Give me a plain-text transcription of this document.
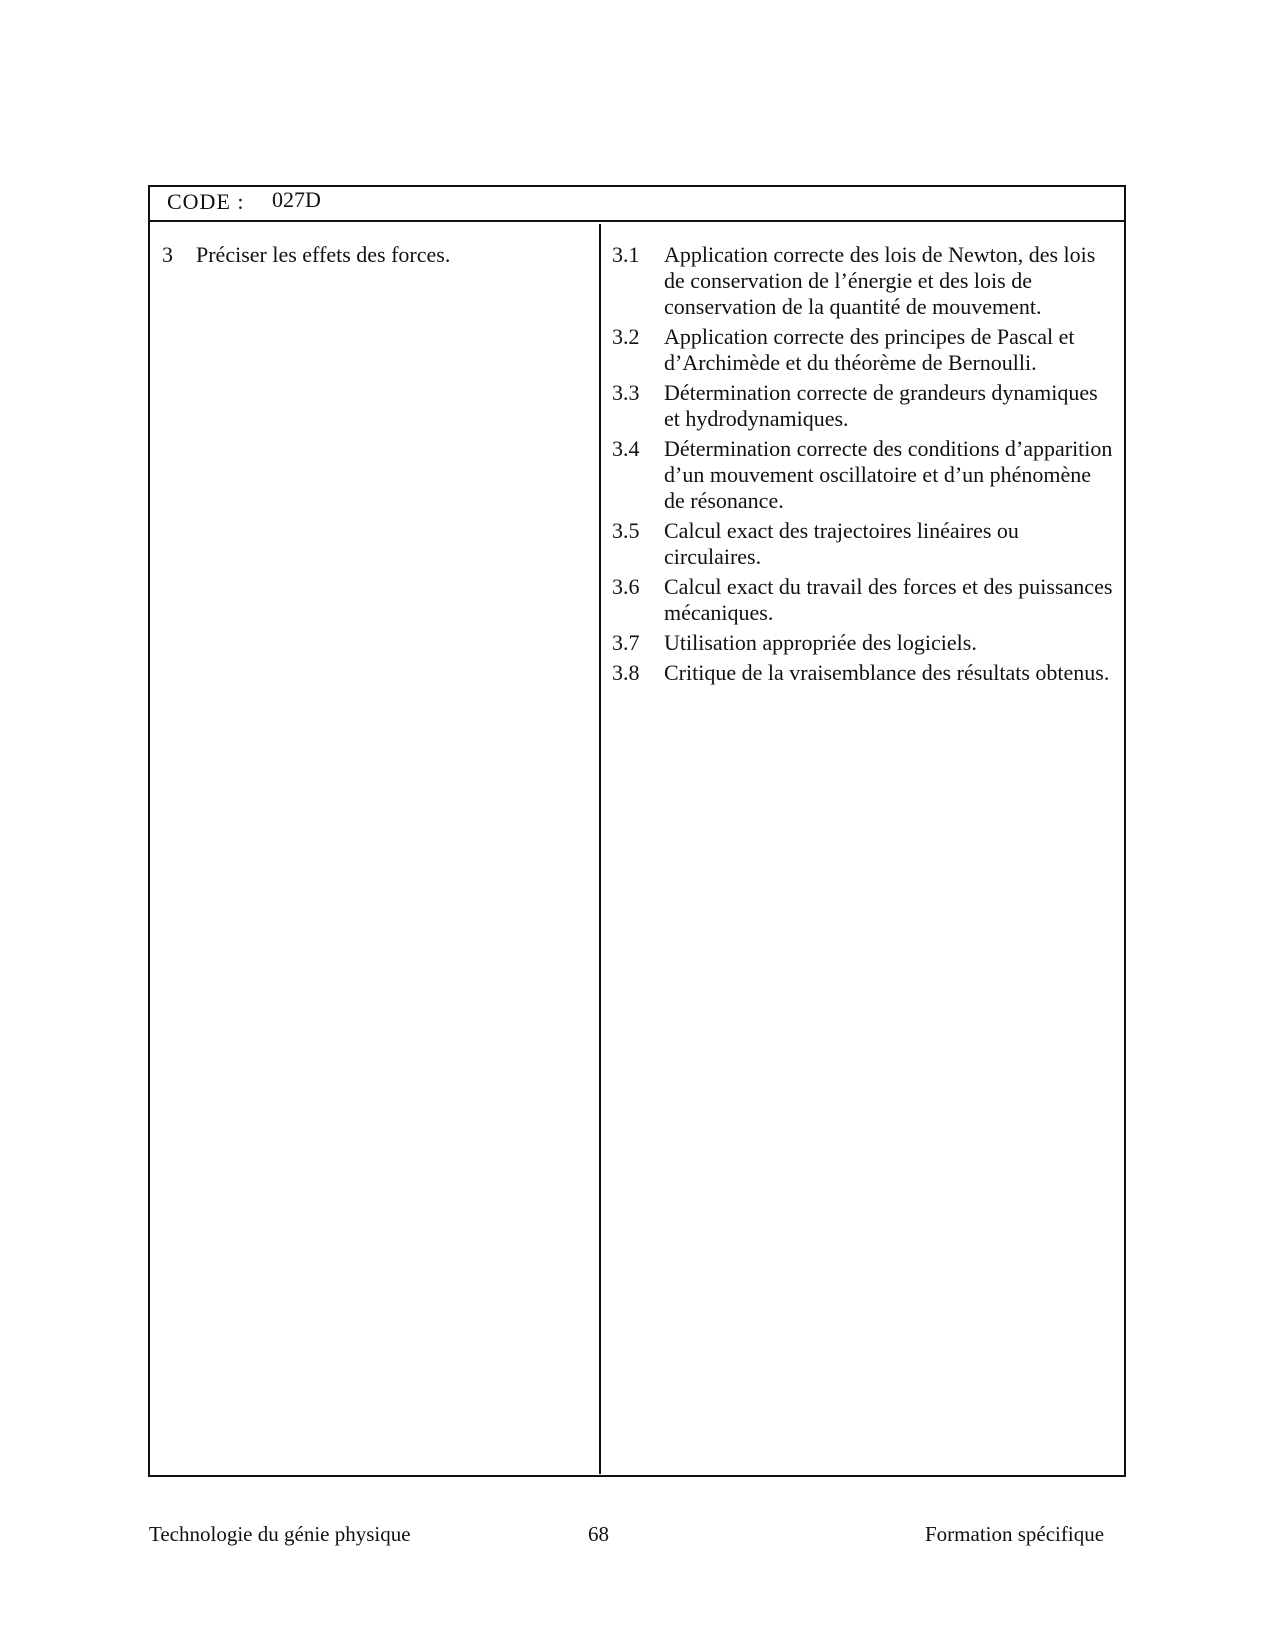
CODE : 027D
3 Préciser les effets des forces.	3.1	Application correcte des lois de Newton, des lois de conservation de l’énergie et des lois de conservation de la quantité de mouvement.
3.2	Application correcte des principes de Pascal et d’Archimède et du théorème de Bernoulli.
3.3	Détermination correcte de grandeurs dynamiques et hydrodynamiques.
3.4	Détermination correcte des conditions d’apparition d’un mouvement oscillatoire et d’un phénomène de résonance.
3.5	Calcul exact des trajectoires linéaires ou circulaires.
3.6	Calcul exact du travail des forces et des puissances mécaniques.
3.7	Utilisation appropriée des logiciels.
3.8	Critique de la vraisemblance des résultats obtenus.
Technologie du génie physique	68	Formation spécifique
